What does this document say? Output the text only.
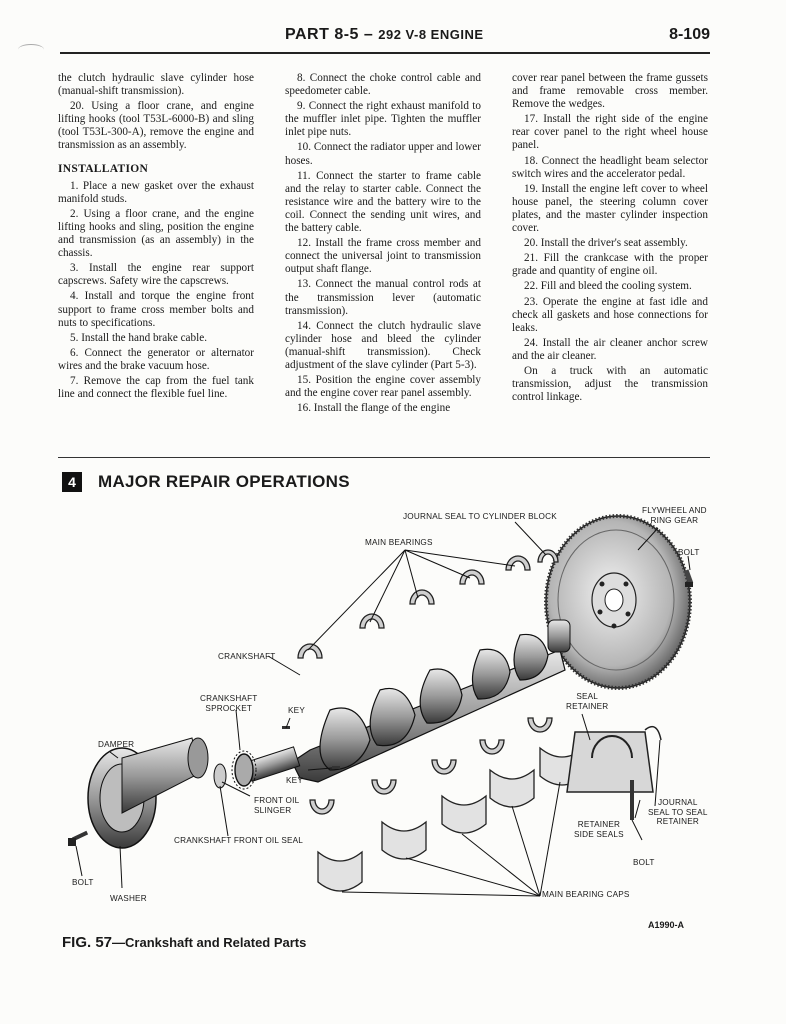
PART 8-5 – 292 V-8 ENGINE	8-109

the clutch hydraulic slave cylinder hose (manual-shift transmission).

20. Using a floor crane, and engine lifting hooks (tool T53L-6000-B) and sling (tool T53L-300-A), remove the engine and transmission as an assembly.

INSTALLATION

1. Place a new gasket over the exhaust manifold studs.

2. Using a floor crane, and the engine lifting hooks and sling, position the engine and transmission (as an assembly) in the chassis.

3. Install the engine rear support capscrews. Safety wire the capscrews.

4. Install and torque the engine front support to frame cross member bolts and nuts to specifications.

5. Install the hand brake cable.

6. Connect the generator or alternator wires and the brake vacuum hose.

7. Remove the cap from the fuel tank line and connect the flexible fuel line.

8. Connect the choke control cable and speedometer cable.

9. Connect the right exhaust manifold to the muffler inlet pipe. Tighten the muffler inlet pipe nuts.

10. Connect the radiator upper and lower hoses.

11. Connect the starter to frame cable and the relay to starter cable. Connect the resistance wire and the battery wire to the coil. Connect the sending unit wires, and the battery cable.

12. Install the frame cross member and connect the universal joint to transmission output shaft flange.

13. Connect the manual control rods at the transmission lever (automatic transmission).

14. Connect the clutch hydraulic slave cylinder hose and bleed the cylinder (manual-shift transmission). Check adjustment of the slave cylinder (Part 5-3).

15. Position the engine cover assembly and the engine cover rear panel assembly.

16. Install the flange of the engine

cover rear panel between the frame gussets and frame removable cross member. Remove the wedges.

17. Install the right side of the engine rear cover panel to the right wheel house panel.

18. Connect the headlight beam selector switch wires and the accelerator pedal.

19. Install the engine left cover to wheel house panel, the steering column cover plates, and the master cylinder inspection cover.

20. Install the driver's seat assembly.

21. Fill the crankcase with the proper grade and quantity of engine oil.

22. Fill and bleed the cooling system.

23. Operate the engine at fast idle and check all gaskets and hose connections for leaks.

24. Install the air cleaner anchor screw and the air cleaner.

On a truck with an automatic transmission, adjust the transmission control linkage.

4	MAJOR REPAIR OPERATIONS
JOURNAL SEAL TO CYLINDER BLOCK
FLYWHEEL AND
RING GEAR
MAIN BEARINGS
BOLT
CRANKSHAFT
CRANKSHAFT
SPROCKET	KEY
SEAL
RETAINER
DAMPER
KEY
FRONT OIL
SLINGER
JOURNAL
SEAL TO SEAL
RETAINER
RETAINER
SIDE SEALS
CRANKSHAFT FRONT OIL SEAL
BOLT
BOLT
WASHER	MAIN BEARING CAPS
A1990-A
FIG. 57—Crankshaft and Related Parts
